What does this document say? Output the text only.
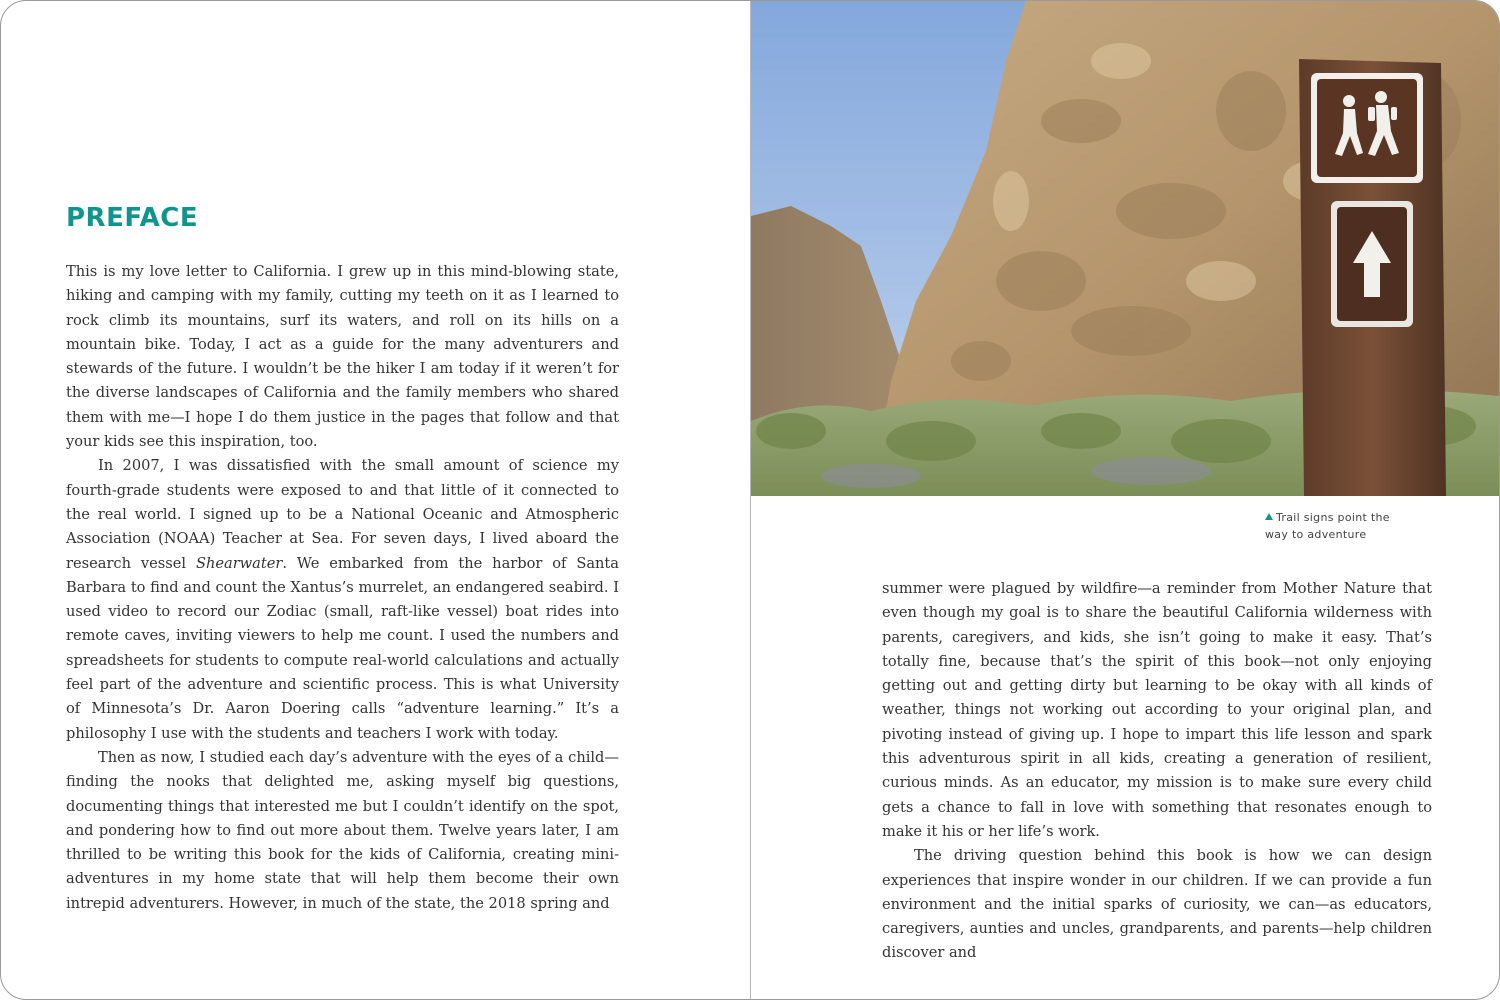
PREFACE

This is my love letter to California. I grew up in this mind-blowing state, hiking and camping with my family, cutting my teeth on it as I learned to rock climb its mountains, surf its waters, and roll on its hills on a mountain bike. Today, I act as a guide for the many adventurers and stewards of the future. I wouldn’t be the hiker I am today if it weren’t for the diverse landscapes of California and the family members who shared them with me—I hope I do them justice in the pages that follow and that your kids see this inspiration, too.

In 2007, I was dissatisfied with the small amount of science my fourth-grade students were exposed to and that little of it connected to the real world. I signed up to be a National Oceanic and Atmospheric Association (NOAA) Teacher at Sea. For seven days, I lived aboard the research vessel Shearwater. We embarked from the harbor of Santa Barbara to find and count the Xantus’s murrelet, an endangered seabird. I used video to record our Zodiac (small, raft-like vessel) boat rides into remote caves, inviting viewers to help me count. I used the numbers and spreadsheets for students to compute real-world calculations and actually feel part of the adventure and scientific process. This is what University of Minnesota’s Dr. Aaron Doering calls “adventure learning.” It’s a philosophy I use with the students and teachers I work with today.

Then as now, I studied each day’s adventure with the eyes of a child—finding the nooks that delighted me, asking myself big questions, documenting things that interested me but I couldn’t identify on the spot, and pondering how to find out more about them. Twelve years later, I am thrilled to be writing this book for the kids of California, creating mini-adventures in my home state that will help them become their own intrepid adventurers. However, in much of the state, the 2018 spring and

Trail signs point the
way to adventure

summer were plagued by wildfire—a reminder from Mother Nature that even though my goal is to share the beautiful California wilderness with parents, caregivers, and kids, she isn’t going to make it easy. That’s totally fine, because that’s the spirit of this book—not only enjoying getting out and getting dirty but learning to be okay with all kinds of weather, things not working out according to your original plan, and pivoting instead of giving up. I hope to impart this life lesson and spark this adventurous spirit in all kids, creating a generation of resilient, curious minds. As an educator, my mission is to make sure every child gets a chance to fall in love with something that resonates enough to make it his or her life’s work.

The driving question behind this book is how we can design experiences that inspire wonder in our children. If we can provide a fun environment and the initial sparks of curiosity, we can—as educators, caregivers, aunties and uncles, grandparents, and parents—help children discover and
